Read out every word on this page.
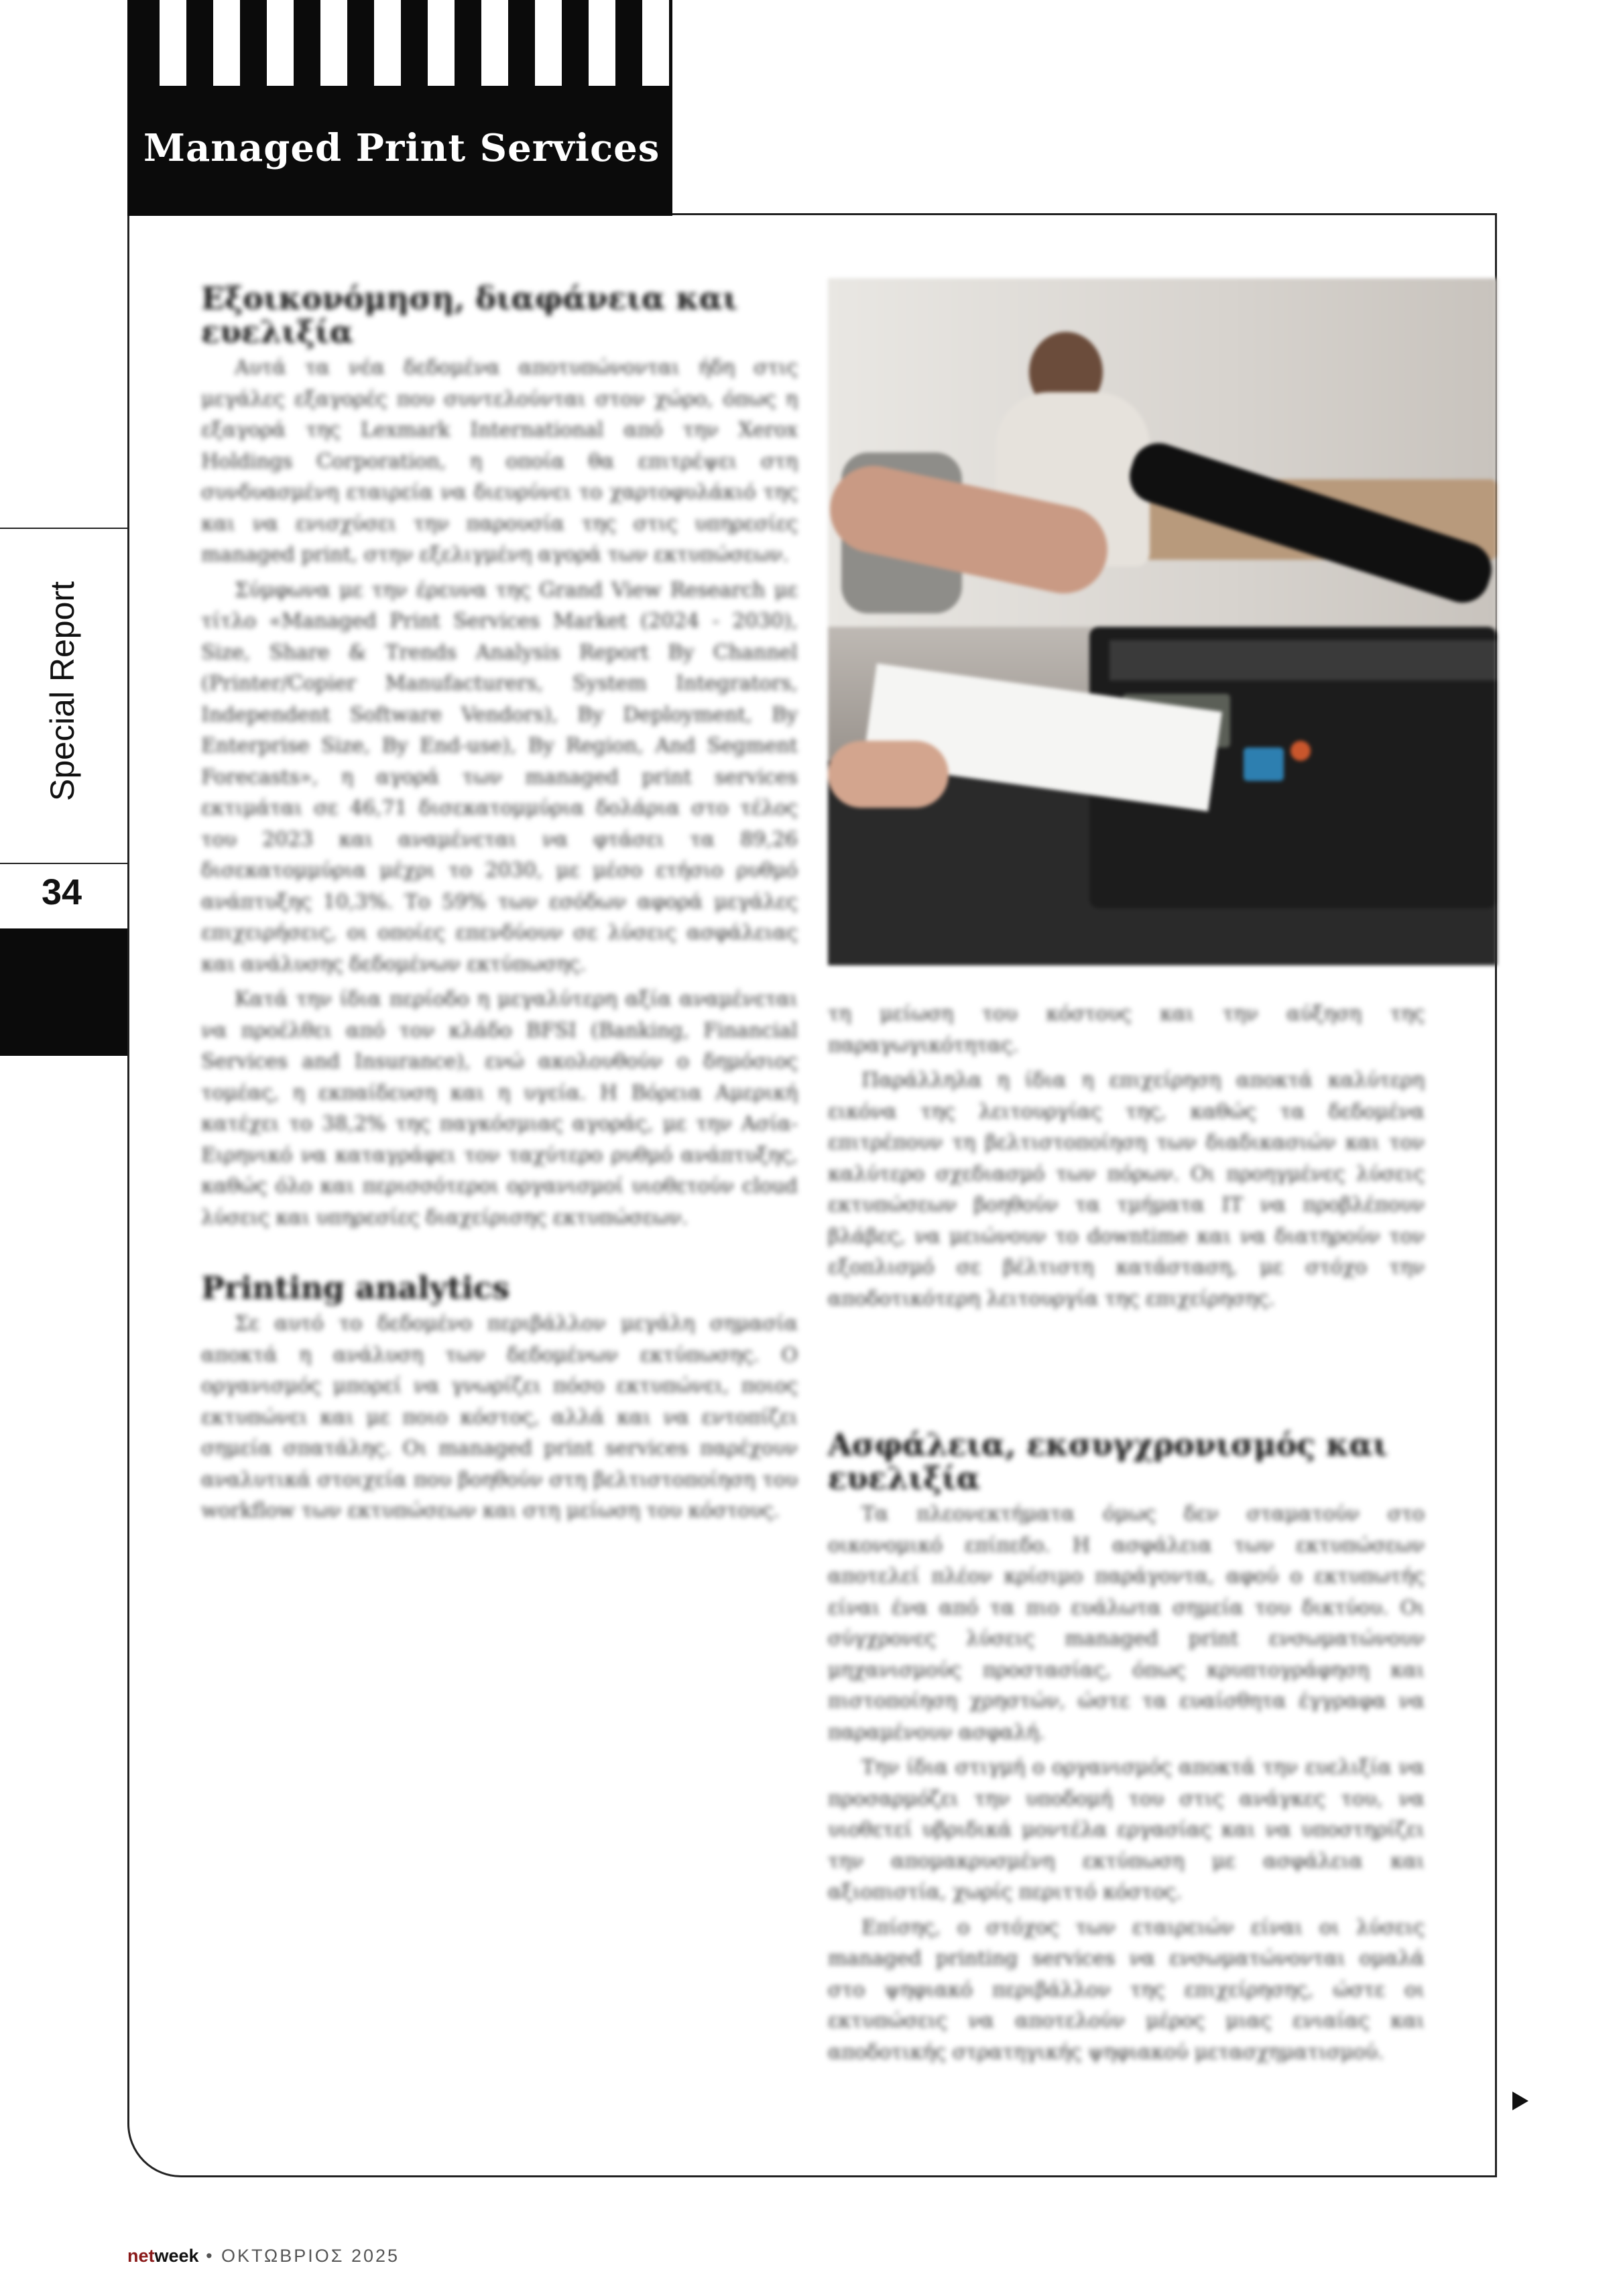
Managed Print Services
Special Report

34

Εξοικονόμηση, διαφάνεια και ευελιξία

Αυτά τα νέα δεδομένα αποτυπώνονται ήδη στις μεγάλες εξαγορές που συντελούνται στον χώρο, όπως η εξαγορά της Lexmark International από την Xerox Holdings Corporation, η οποία θα επιτρέψει στη συνδυασμένη εταιρεία να διευρύνει το χαρτοφυλάκιό της και να ενισχύσει την παρουσία της στις υπηρεσίες managed print, στην εξελιγμένη αγορά των εκτυπώσεων.

Σύμφωνα με την έρευνα της Grand View Research με τίτλο «Managed Print Services Market (2024 - 2030), Size, Share & Trends Analysis Report By Channel (Printer/Copier Manufacturers, System Integrators, Independent Software Vendors), By Deployment, By Enterprise Size, By End-use), By Region, And Segment Forecasts», η αγορά των managed print services εκτιμάται σε 46,71 δισεκατομμύρια δολάρια στο τέλος του 2023 και αναμένεται να φτάσει τα 89,26 δισεκατομμύρια μέχρι το 2030, με μέσο ετήσιο ρυθμό ανάπτυξης 10,3%. Το 59% των εσόδων αφορά μεγάλες επιχειρήσεις, οι οποίες επενδύουν σε λύσεις ασφάλειας και ανάλυσης δεδομένων εκτύπωσης.

Κατά την ίδια περίοδο η μεγαλύτερη αξία αναμένεται να προέλθει από τον κλάδο BFSI (Banking, Financial Services and Insurance), ενώ ακολουθούν ο δημόσιος τομέας, η εκπαίδευση και η υγεία. Η Βόρεια Αμερική κατέχει το 38,2% της παγκόσμιας αγοράς, με την Ασία-Ειρηνικό να καταγράφει τον ταχύτερο ρυθμό ανάπτυξης, καθώς όλο και περισσότεροι οργανισμοί υιοθετούν cloud λύσεις και υπηρεσίες διαχείρισης εκτυπώσεων.

Printing analytics

Σε αυτό το δεδομένο περιβάλλον μεγάλη σημασία αποκτά η ανάλυση των δεδομένων εκτύπωσης. Ο οργανισμός μπορεί να γνωρίζει πόσο εκτυπώνει, ποιος εκτυπώνει και με ποιο κόστος, αλλά και να εντοπίζει σημεία σπατάλης. Οι managed print services παρέχουν αναλυτικά στοιχεία που βοηθούν στη βελτιστοποίηση του workflow των εκτυπώσεων και στη μείωση του κόστους.

τη μείωση του κόστους και την αύξηση της παραγωγικότητας.

Παράλληλα η ίδια η επιχείρηση αποκτά καλύτερη εικόνα της λειτουργίας της, καθώς τα δεδομένα επιτρέπουν τη βελτιστοποίηση των διαδικασιών και τον καλύτερο σχεδιασμό των πόρων. Οι προηγμένες λύσεις εκτυπώσεων βοηθούν τα τμήματα IT να προβλέπουν βλάβες, να μειώνουν το downtime και να διατηρούν τον εξοπλισμό σε βέλτιστη κατάσταση, με στόχο την αποδοτικότερη λειτουργία της επιχείρησης.

Ασφάλεια, εκσυγχρονισμός και ευελιξία

Τα πλεονεκτήματα όμως δεν σταματούν στο οικονομικό επίπεδο. Η ασφάλεια των εκτυπώσεων αποτελεί πλέον κρίσιμο παράγοντα, αφού ο εκτυπωτής είναι ένα από τα πιο ευάλωτα σημεία του δικτύου. Οι σύγχρονες λύσεις managed print ενσωματώνουν μηχανισμούς προστασίας, όπως κρυπτογράφηση και πιστοποίηση χρηστών, ώστε τα ευαίσθητα έγγραφα να παραμένουν ασφαλή.

Την ίδια στιγμή ο οργανισμός αποκτά την ευελιξία να προσαρμόζει την υποδομή του στις ανάγκες του, να υιοθετεί υβριδικά μοντέλα εργασίας και να υποστηρίζει την απομακρυσμένη εκτύπωση με ασφάλεια και αξιοπιστία, χωρίς περιττό κόστος.

Επίσης, ο στόχος των εταιρειών είναι οι λύσεις managed printing services να ενσωματώνονται ομαλά στο ψηφιακό περιβάλλον της επιχείρησης, ώστε οι εκτυπώσεις να αποτελούν μέρος μιας ενιαίας και αποδοτικής στρατηγικής ψηφιακού μετασχηματισμού.

netweek • ΟΚΤΩΒΡΙΟΣ 2025
